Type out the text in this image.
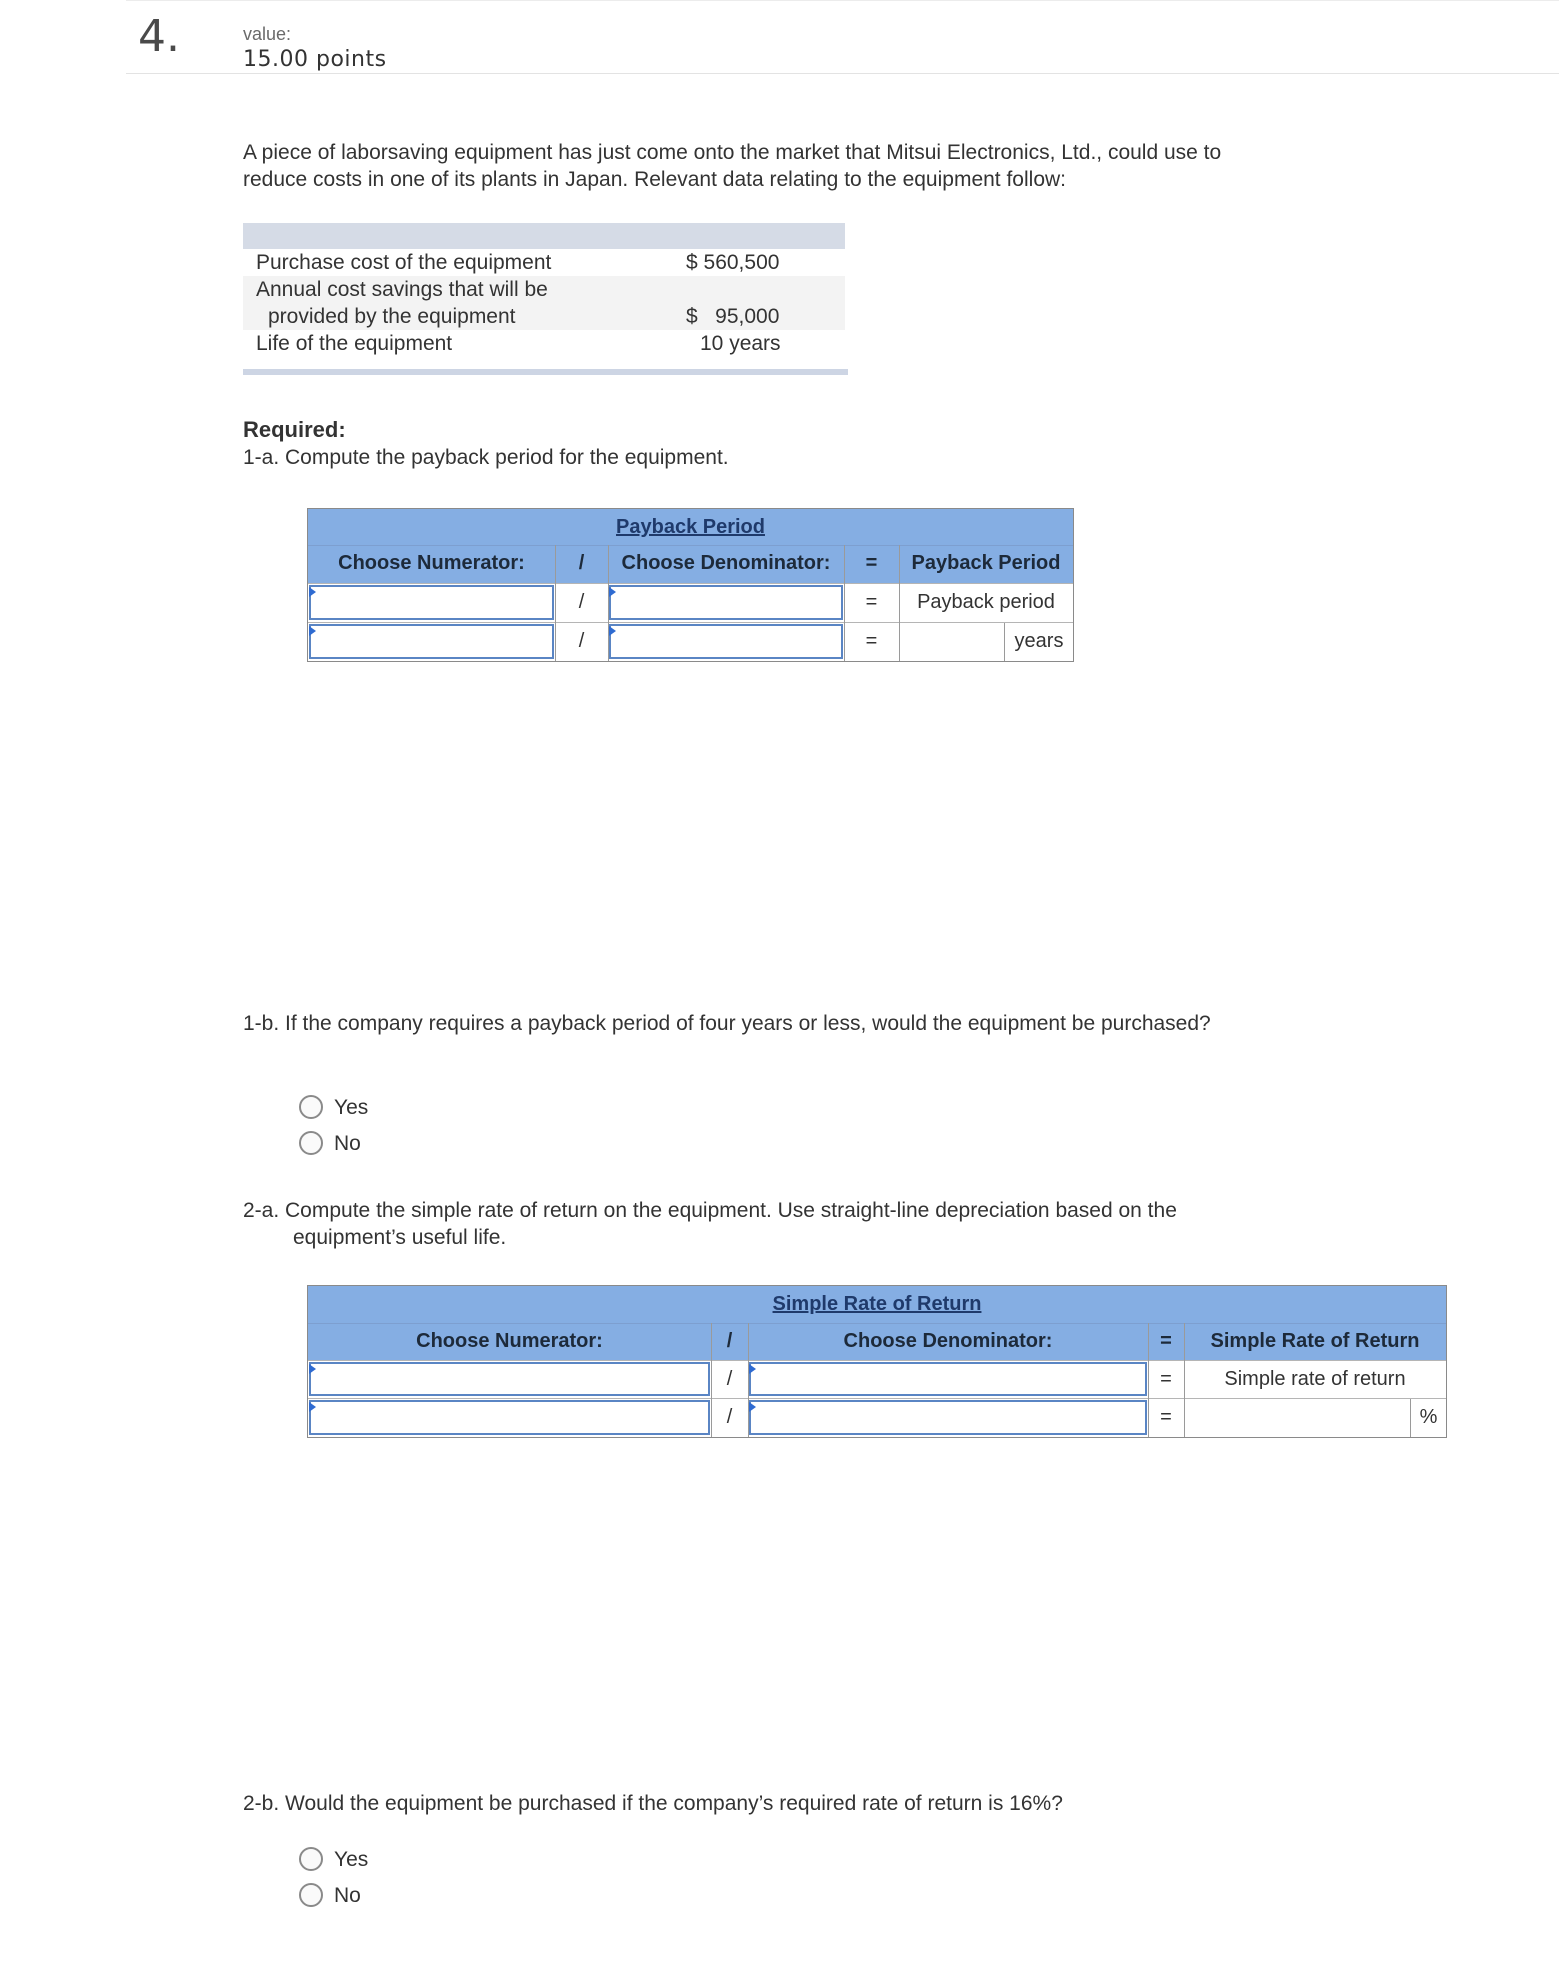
4.	value:
15.00 points
A piece of laborsaving equipment has just come onto the market that Mitsui Electronics, Ltd., could use to reduce costs in one of its plants in Japan. Relevant data relating to the equipment follow:
Purchase cost of the equipment	$ 560,500
Annual cost savings that will be
provided by the equipment	$   95,000
Life of the equipment	10 years
Required:
1-a. Compute the payback period for the equipment.
Payback Period
Choose Numerator:	/	Choose Denominator:	=	Payback Period
/	=	Payback period
/	=	years
1-b. If the company requires a payback period of four years or less, would the equipment be purchased?
Yes
No
2-a. Compute the simple rate of return on the equipment. Use straight-line depreciation based on the equipment’s useful life.
Simple Rate of Return
Choose Numerator:	/	Choose Denominator:	=	Simple Rate of Return
/	=	Simple rate of return
/	=	%
2-b. Would the equipment be purchased if the company’s required rate of return is 16%?
Yes
No
